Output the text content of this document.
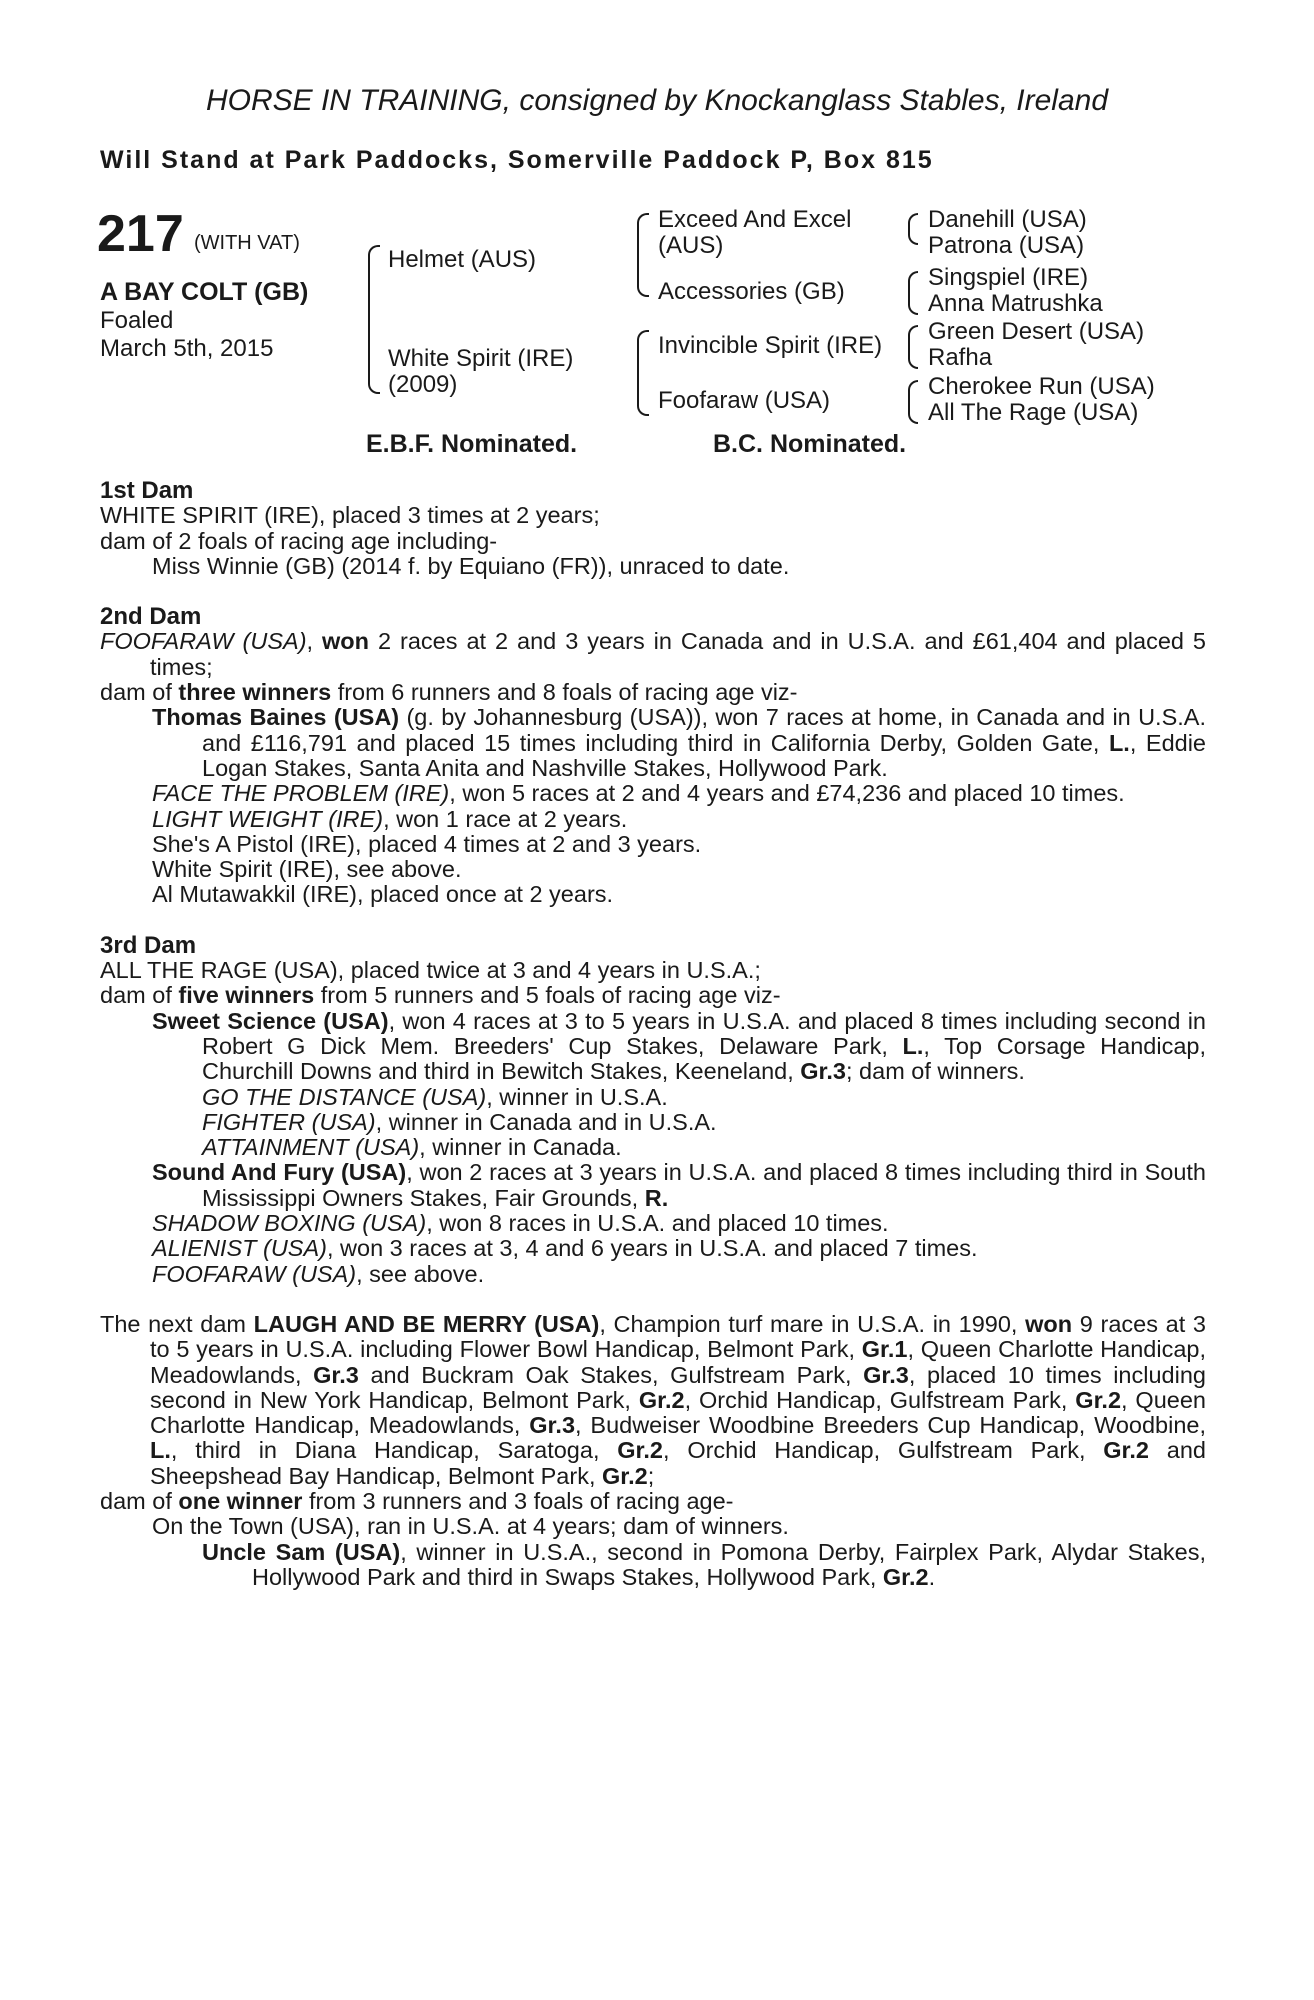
HORSE IN TRAINING, consigned by Knockanglass Stables, Ireland
Will Stand at Park Paddocks, Somerville Paddock P, Box 815
217 (WITH VAT)
A BAY COLT (GB)
Foaled
March 5th, 2015
Helmet (AUS)
White Spirit (IRE)
(2009)
Exceed And Excel
(AUS)
Accessories (GB)
Invincible Spirit (IRE)
Foofaraw (USA)
Danehill (USA)
Patrona (USA)
Singspiel (IRE)
Anna Matrushka
Green Desert (USA)
Rafha
Cherokee Run (USA)
All The Rage (USA)
E.B.F. Nominated.	B.C. Nominated.

1st Dam

WHITE SPIRIT (IRE), placed 3 times at 2 years;

dam of 2 foals of racing age including-

Miss Winnie (GB) (2014 f. by Equiano (FR)), unraced to date.

2nd Dam

FOOFARAW (USA), won 2 races at 2 and 3 years in Canada and in U.S.A. and £61,404 and placed 5 times;

dam of three winners from 6 runners and 8 foals of racing age viz-

Thomas Baines (USA) (g. by Johannesburg (USA)), won 7 races at home, in Canada and in U.S.A. and £116,791 and placed 15 times including third in California Derby, Golden Gate, L., Eddie Logan Stakes, Santa Anita and Nashville Stakes, Hollywood Park.

FACE THE PROBLEM (IRE), won 5 races at 2 and 4 years and £74,236 and placed 10 times.

LIGHT WEIGHT (IRE), won 1 race at 2 years.

She's A Pistol (IRE), placed 4 times at 2 and 3 years.

White Spirit (IRE), see above.

Al Mutawakkil (IRE), placed once at 2 years.

3rd Dam

ALL THE RAGE (USA), placed twice at 3 and 4 years in U.S.A.;

dam of five winners from 5 runners and 5 foals of racing age viz-

Sweet Science (USA), won 4 races at 3 to 5 years in U.S.A. and placed 8 times including second in Robert G Dick Mem. Breeders' Cup Stakes, Delaware Park, L., Top Corsage Handicap, Churchill Downs and third in Bewitch Stakes, Keeneland, Gr.3; dam of winners.

GO THE DISTANCE (USA), winner in U.S.A.

FIGHTER (USA), winner in Canada and in U.S.A.

ATTAINMENT (USA), winner in Canada.

Sound And Fury (USA), won 2 races at 3 years in U.S.A. and placed 8 times including third in South Mississippi Owners Stakes, Fair Grounds, R.

SHADOW BOXING (USA), won 8 races in U.S.A. and placed 10 times.

ALIENIST (USA), won 3 races at 3, 4 and 6 years in U.S.A. and placed 7 times.

FOOFARAW (USA), see above.

The next dam LAUGH AND BE MERRY (USA), Champion turf mare in U.S.A. in 1990, won 9 races at 3 to 5 years in U.S.A. including Flower Bowl Handicap, Belmont Park, Gr.1, Queen Charlotte Handicap, Meadowlands, Gr.3 and Buckram Oak Stakes, Gulfstream Park, Gr.3, placed 10 times including second in New York Handicap, Belmont Park, Gr.2, Orchid Handicap, Gulfstream Park, Gr.2, Queen Charlotte Handicap, Meadowlands, Gr.3, Budweiser Woodbine Breeders Cup Handicap, Woodbine, L., third in Diana Handicap, Saratoga, Gr.2, Orchid Handicap, Gulfstream Park, Gr.2 and Sheepshead Bay Handicap, Belmont Park, Gr.2;

dam of one winner from 3 runners and 3 foals of racing age-

On the Town (USA), ran in U.S.A. at 4 years; dam of winners.

Uncle Sam (USA), winner in U.S.A., second in Pomona Derby, Fairplex Park, Alydar Stakes, Hollywood Park and third in Swaps Stakes, Hollywood Park, Gr.2.
